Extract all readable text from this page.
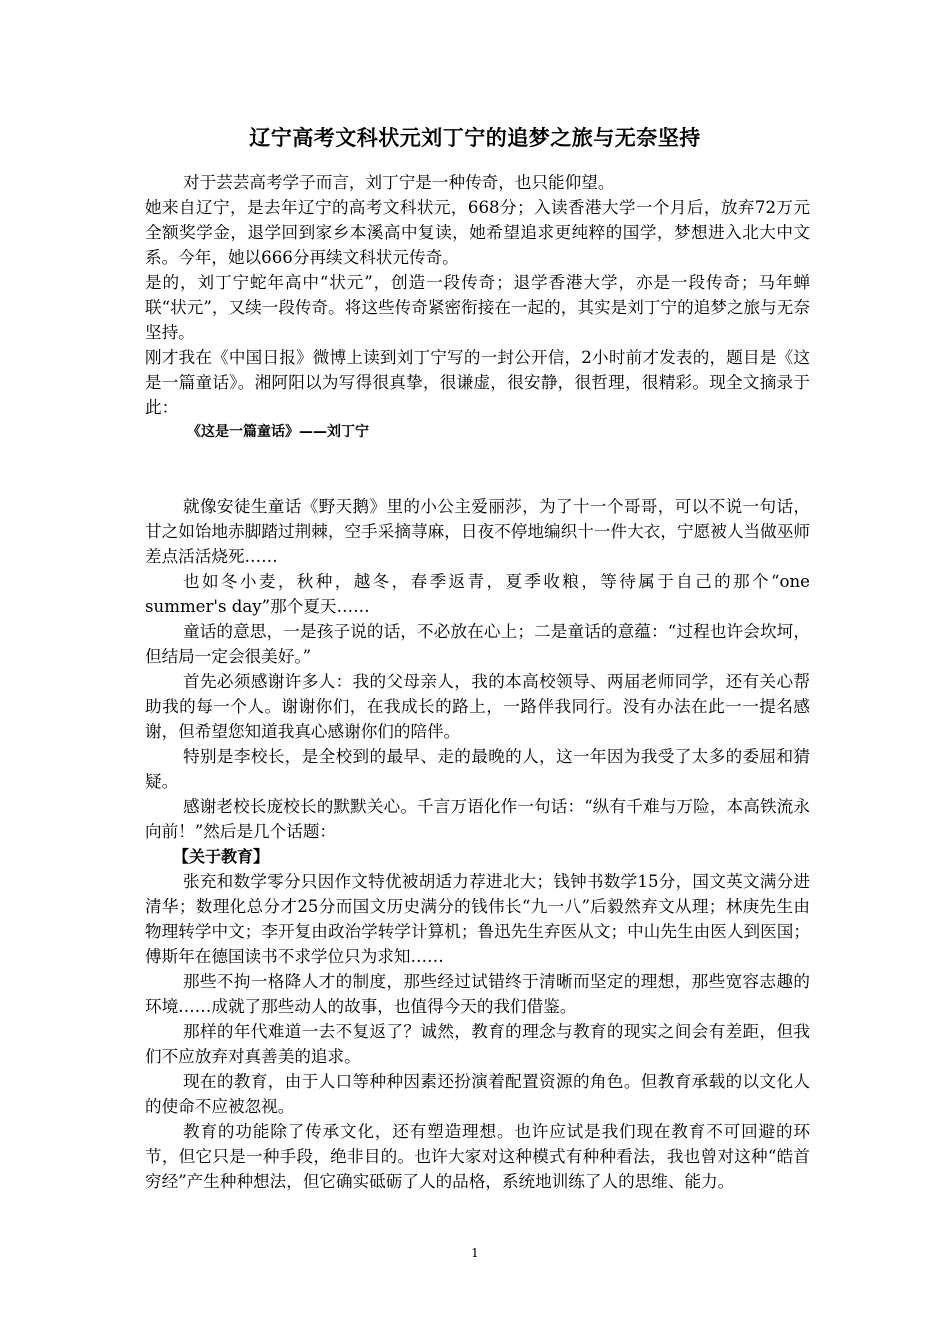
辽宁高考文科状元刘丁宁的追梦之旅与无奈坚持

对于芸芸高考学子而言，刘丁宁是一种传奇，也只能仰望。

她来自辽宁，是去年辽宁的高考文科状元，668分；入读香港大学一个月后，放弃72万元全额奖学金，退学回到家乡本溪高中复读，她希望追求更纯粹的国学，梦想进入北大中文系。今年，她以666分再续文科状元传奇。

是的，刘丁宁蛇年高中“状元”，创造一段传奇；退学香港大学，亦是一段传奇；马年蝉联“状元”，又续一段传奇。将这些传奇紧密衔接在一起的，其实是刘丁宁的追梦之旅与无奈坚持。

刚才我在《中国日报》微博上读到刘丁宁写的一封公开信，2小时前才发表的，题目是《这是一篇童话》。湘阿阳以为写得很真挚，很谦虚，很安静，很哲理，很精彩。现全文摘录于此：

《这是一篇童话》——刘丁宁

就像安徒生童话《野天鹅》里的小公主爱丽莎，为了十一个哥哥，可以不说一句话，甘之如饴地赤脚踏过荆棘，空手采摘荨麻，日夜不停地编织十一件大衣，宁愿被人当做巫师差点活活烧死……

也如冬小麦，秋种，越冬，春季返青，夏季收粮，等待属于自己的那个“one summer's day”那个夏天……

童话的意思，一是孩子说的话，不必放在心上；二是童话的意蕴：“过程也许会坎坷，但结局一定会很美好。”

首先必须感谢许多人：我的父母亲人，我的本高校领导、两届老师同学，还有关心帮助我的每一个人。谢谢你们，在我成长的路上，一路伴我同行。没有办法在此一一提名感谢，但希望您知道我真心感谢你们的陪伴。

特别是李校长，是全校到的最早、走的最晚的人，这一年因为我受了太多的委屈和猜疑。

感谢老校长庞校长的默默关心。千言万语化作一句话：“纵有千难与万险，本高铁流永向前！”然后是几个话题：

【关于教育】

张充和数学零分只因作文特优被胡适力荐进北大；钱钟书数学15分，国文英文满分进清华；数理化总分才25分而国文历史满分的钱伟长“九一八”后毅然弃文从理；林庚先生由物理转学中文；李开复由政治学转学计算机；鲁迅先生弃医从文；中山先生由医人到医国；傅斯年在德国读书不求学位只为求知……

那些不拘一格降人才的制度，那些经过试错终于清晰而坚定的理想，那些宽容志趣的环境……成就了那些动人的故事，也值得今天的我们借鉴。

那样的年代难道一去不复返了？诚然，教育的理念与教育的现实之间会有差距，但我们不应放弃对真善美的追求。

现在的教育，由于人口等种种因素还扮演着配置资源的角色。但教育承载的以文化人的使命不应被忽视。

教育的功能除了传承文化，还有塑造理想。也许应试是我们现在教育不可回避的环节，但它只是一种手段，绝非目的。也许大家对这种模式有种种看法，我也曾对这种“皓首穷经”产生种种想法，但它确实砥砺了人的品格，系统地训练了人的思维、能力。

1
